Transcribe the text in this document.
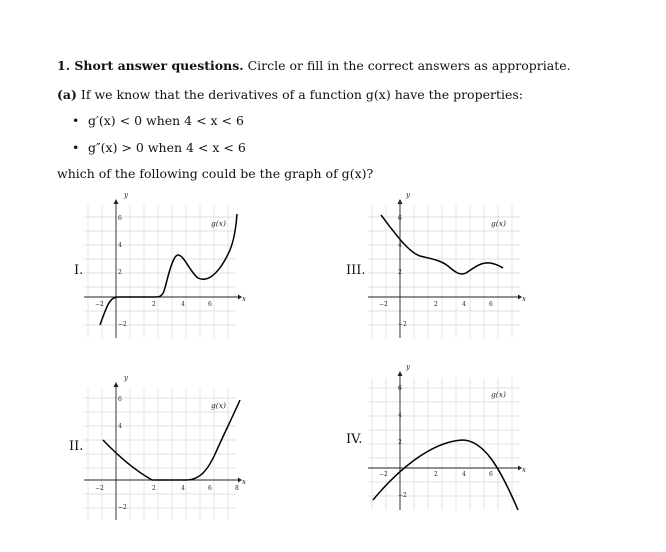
1. Short answer questions. Circle or fill in the correct answers as appropriate.
(a) If we know that the derivatives of a function g(x) have the properties:
• g′(x) < 0 when 4 < x < 6
• g″(x) > 0 when 4 < x < 6
which of the following could be the graph of g(x)?
I.
II.
III.
IV.
x
y
−2	2	4	6
6
4
2
−2
g(x)
x
y
−2	2	4	6	8
6
4
−2
g(x)
x
y
−2	2	4	6
6
4
2
−2
g(x)
x
y
−2	2	4	6
6
4
2
−2
g(x)
